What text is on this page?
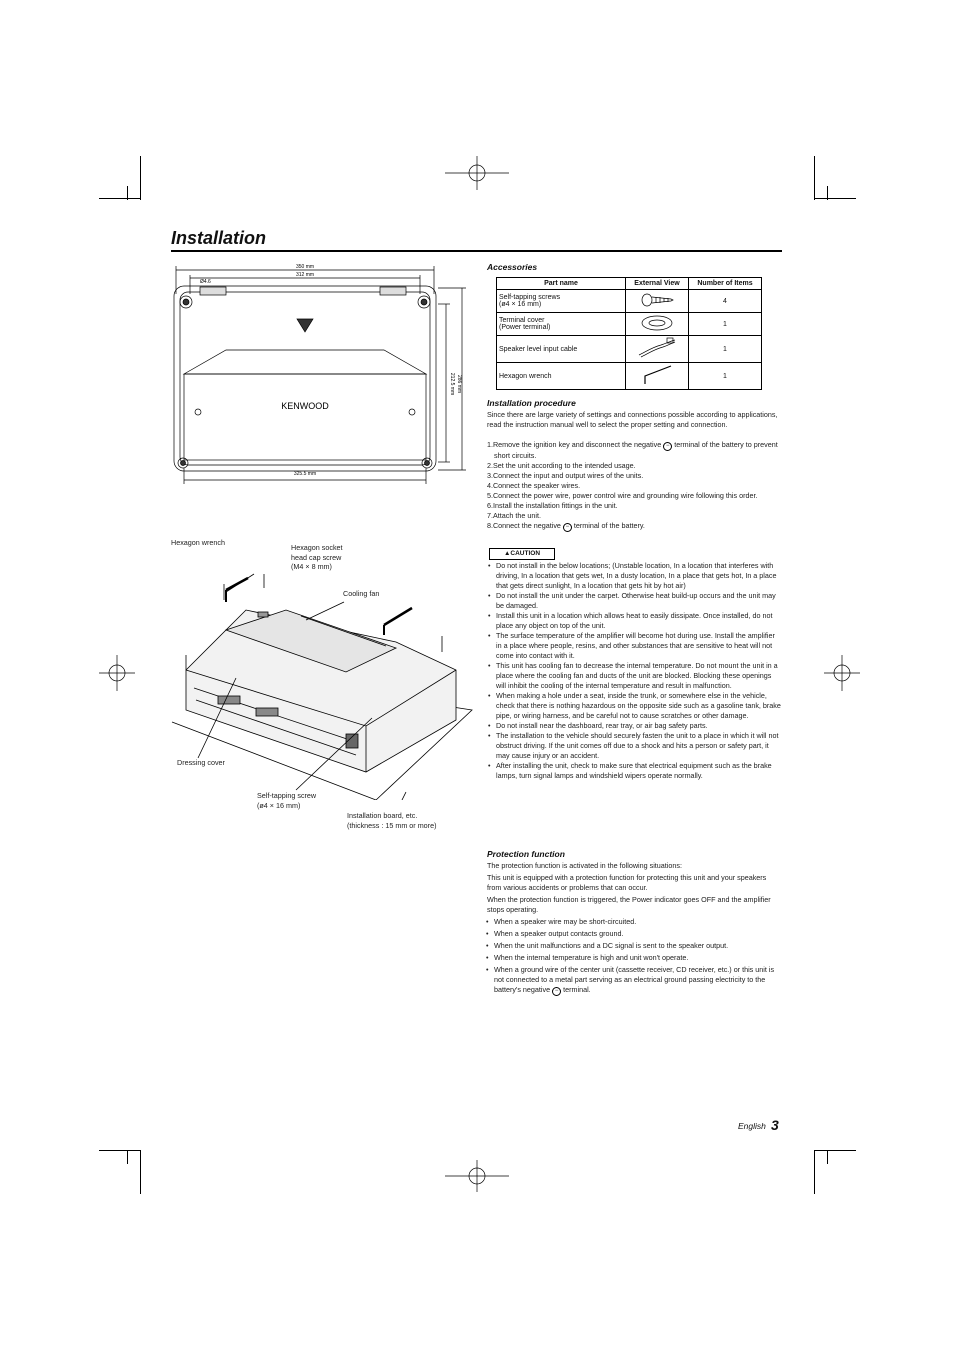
Installation
350 mm
312 mm
Ø4.6
KENWOOD
212.5 mm 286 mm
325.5 mm
Hexagon wrench
Hexagon socket
head cap screw
(M4 × 8 mm)
Cooling fan
Dressing cover
Self-tapping screw
(ø4 × 16 mm)
Installation board, etc.
(thickness : 15 mm or more)
Accessories
Part name	External View	Number of Items

Self-tapping screws
(ø4 × 16 mm)		4

Terminal cover
(Power terminal)		1

Speaker level input cable		1

Hexagon wrench		1
Installation procedure
Since there are large variety of settings and connections possible according to applications, read the instruction manual well to select the proper setting and connection.
1.Remove the ignition key and disconnect the negative − terminal of the battery to prevent short circuits.
2.Set the unit according to the intended usage.
3.Connect the input and output wires of the units.
4.Connect the speaker wires.
5.Connect the power wire, power control wire and grounding wire following this order.
6.Install the installation fittings in the unit.
7.Attach the unit.
8.Connect the negative − terminal of the battery.
▲CAUTION
• Do not install in the below locations; (Unstable location, In a location that interferes with driving, In a location that gets wet, In a dusty location, In a place that gets hot, In a place that gets direct sunlight, In a location that gets hit by hot air)
• Do not install the unit under the carpet. Otherwise heat build-up occurs and the unit may be damaged.
• Install this unit in a location which allows heat to easily dissipate. Once installed, do not place any object on top of the unit.
• The surface temperature of the amplifier will become hot during use. Install the amplifier in a place where people, resins, and other substances that are sensitive to heat will not come into contact with it.
• This unit has cooling fan to decrease the internal temperature. Do not mount the unit in a place where the cooling fan and ducts of the unit are blocked. Blocking these openings will inhibit the cooling of the internal temperature and result in malfunction.
• When making a hole under a seat, inside the trunk, or somewhere else in the vehicle, check that there is nothing hazardous on the opposite side such as a gasoline tank, brake pipe, or wiring harness, and be careful not to cause scratches or other damage.
• Do not install near the dashboard, rear tray, or air bag safety parts.
• The installation to the vehicle should securely fasten the unit to a place in which it will not obstruct driving. If the unit comes off due to a shock and hits a person or safety part, it may cause injury or an accident.
• After installing the unit, check to make sure that electrical equipment such as the brake lamps, turn signal lamps and windshield wipers operate normally.
Protection function
The protection function is activated in the following situations:
This unit is equipped with a protection function for protecting this unit and your speakers from various accidents or problems that can occur.
When the protection function is triggered, the Power indicator goes OFF and the amplifier stops operating.
• When a speaker wire may be short-circuited.
• When a speaker output contacts ground.
• When the unit malfunctions and a DC signal is sent to the speaker output.
• When the internal temperature is high and unit won't operate.
• When a ground wire of the center unit (cassette receiver, CD receiver, etc.) or this unit is not connected to a metal part serving as an electrical ground passing electricity to the battery's negative − terminal.
English 3
